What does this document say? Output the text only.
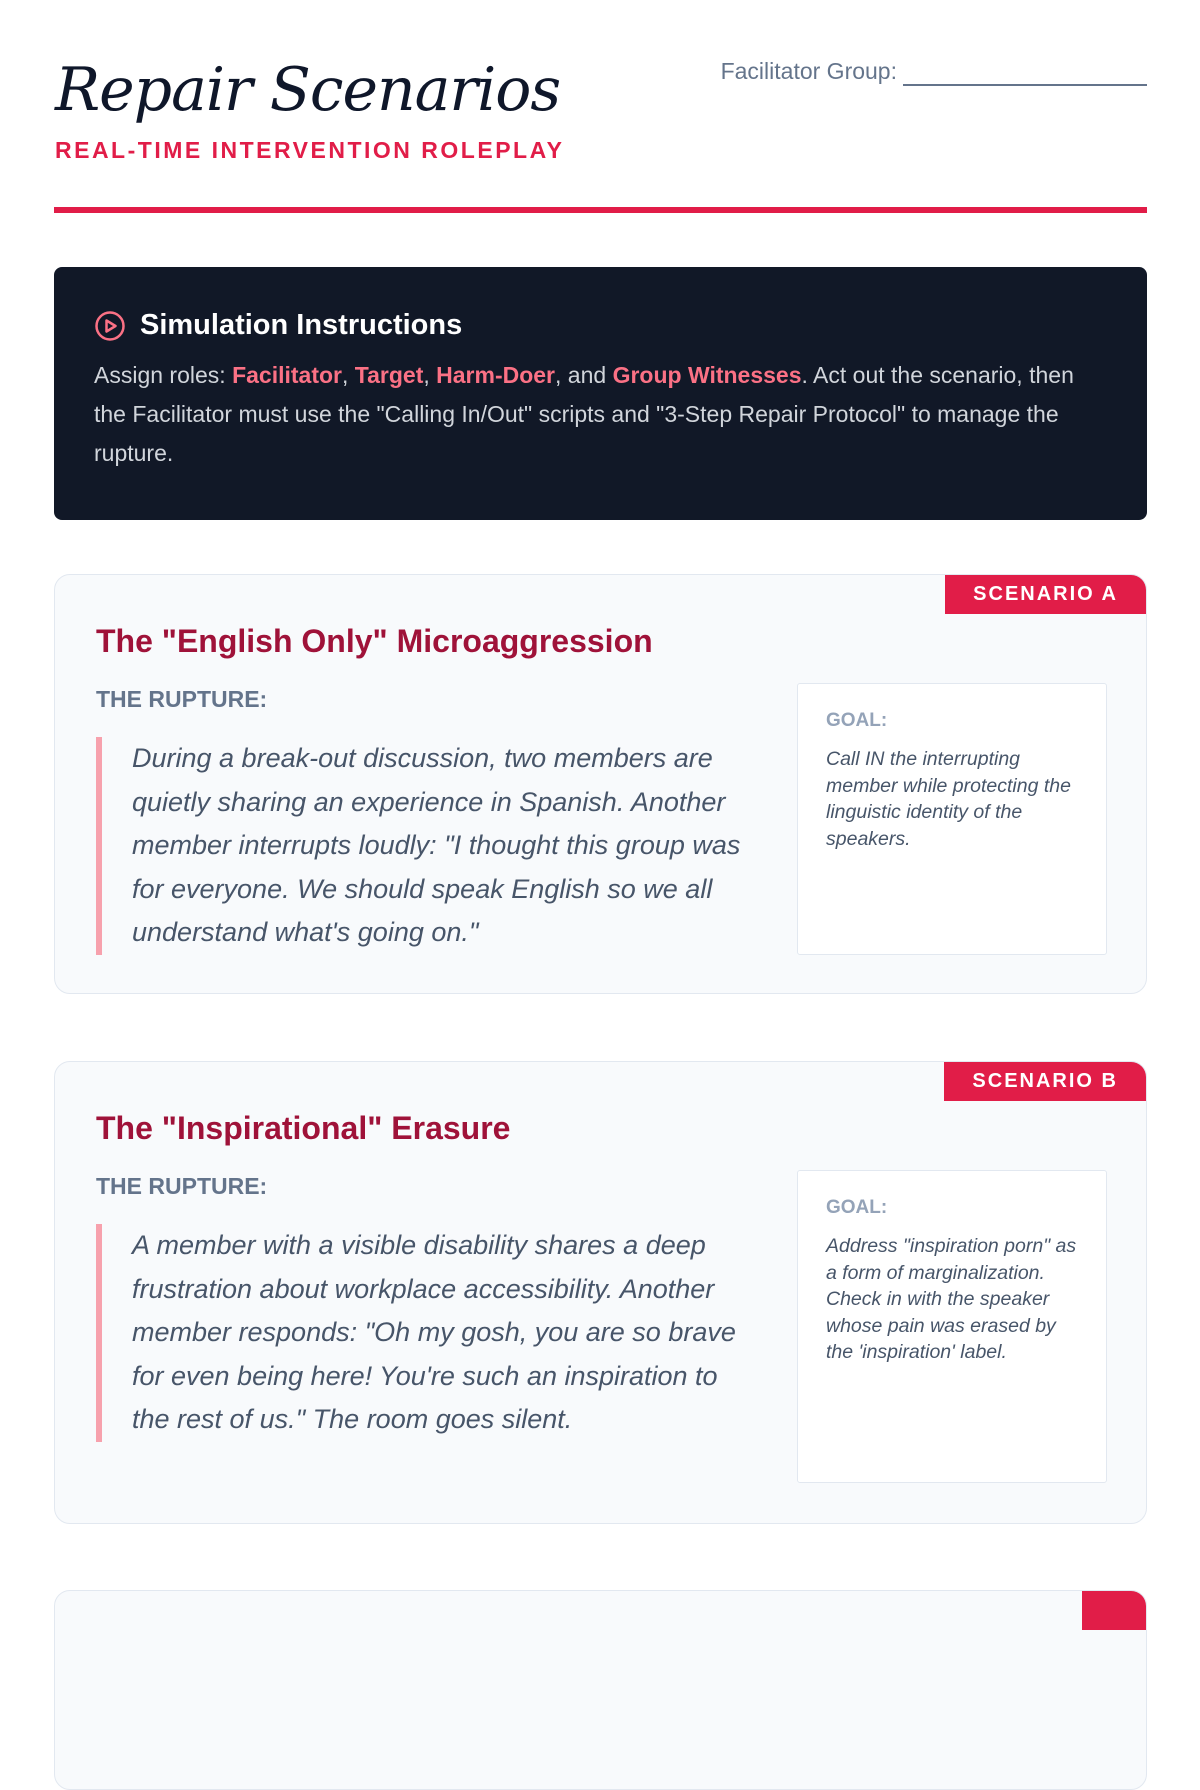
Repair Scenarios
REAL-TIME INTERVENTION ROLEPLAY
Facilitator Group:
Simulation Instructions

Assign roles: Facilitator, Target, Harm-Doer, and Group Witnesses. Act out the scenario, then the Facilitator must use the "Calling In/Out" scripts and "3-Step Repair Protocol" to manage the rupture.

SCENARIO A
The "English Only" Microaggression
THE RUPTURE:
During a break-out discussion, two members are quietly sharing an experience in Spanish. Another member interrupts loudly: "I thought this group was for everyone. We should speak English so we all understand what's going on."
GOAL:
Call IN the interrupting member while protecting the linguistic identity of the speakers.
SCENARIO B
The "Inspirational" Erasure
THE RUPTURE:
A member with a visible disability shares a deep frustration about workplace accessibility. Another member responds: "Oh my gosh, you are so brave for even being here! You're such an inspiration to the rest of us." The room goes silent.
GOAL:
Address "inspiration porn" as a form of marginalization. Check in with the speaker whose pain was erased by the 'inspiration' label.
